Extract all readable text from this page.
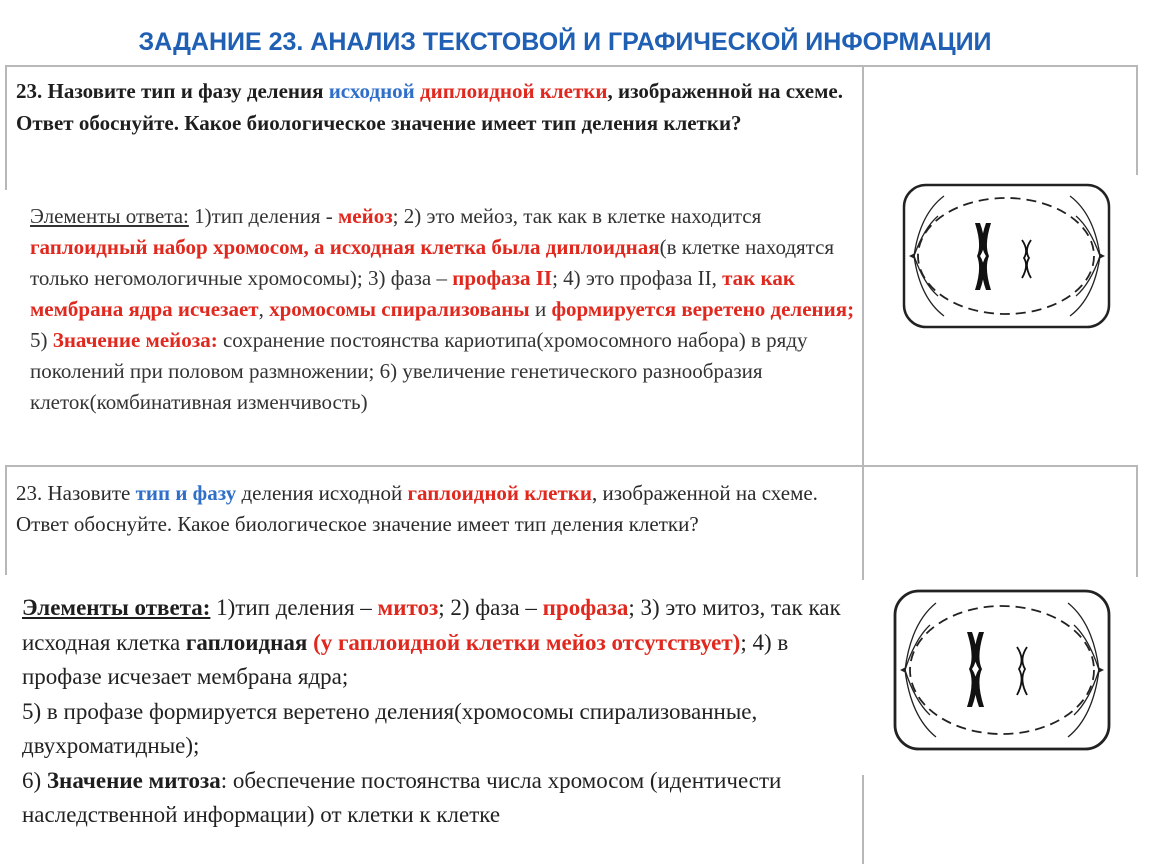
ЗАДАНИЕ 23. АНАЛИЗ ТЕКСТОВОЙ И ГРАФИЧЕСКОЙ ИНФОРМАЦИИ
23. Назовите тип и фазу деления исходной диплоидной клетки, изображенной на схеме. Ответ обоснуйте. Какое биологическое значение имеет тип деления клетки?
Элементы ответа: 1)тип деления - мейоз; 2) это мейоз, так как в клетке находится гаплоидный набор хромосом, а исходная клетка была диплоидная(в клетке находятся только негомологичные хромосомы); 3) фаза – профаза II; 4) это профаза II, так как мембрана ядра исчезает, хромосомы спирализованы и формируется веретено деления; 5) Значение мейоза: сохранение постоянства кариотипа(хромосомного набора) в ряду поколений при половом размножении; 6) увеличение генетического разнообразия клеток(комбинативная изменчивость)
23. Назовите тип и фазу деления исходной гаплоидной клетки, изображенной на схеме. Ответ обоснуйте. Какое биологическое значение имеет тип деления клетки?
Элементы ответа: 1)тип деления – митоз; 2) фаза – профаза; 3) это митоз, так как исходная клетка гаплоидная (у гаплоидной клетки мейоз отсутствует); 4) в профазе исчезает мембрана ядра;
5) в профазе формируется веретено деления(хромосомы спирализованные, двухроматидные);
6) Значение митоза: обеспечение постоянства числа хромосом (идентичести наследственной информации) от клетки к клетке
